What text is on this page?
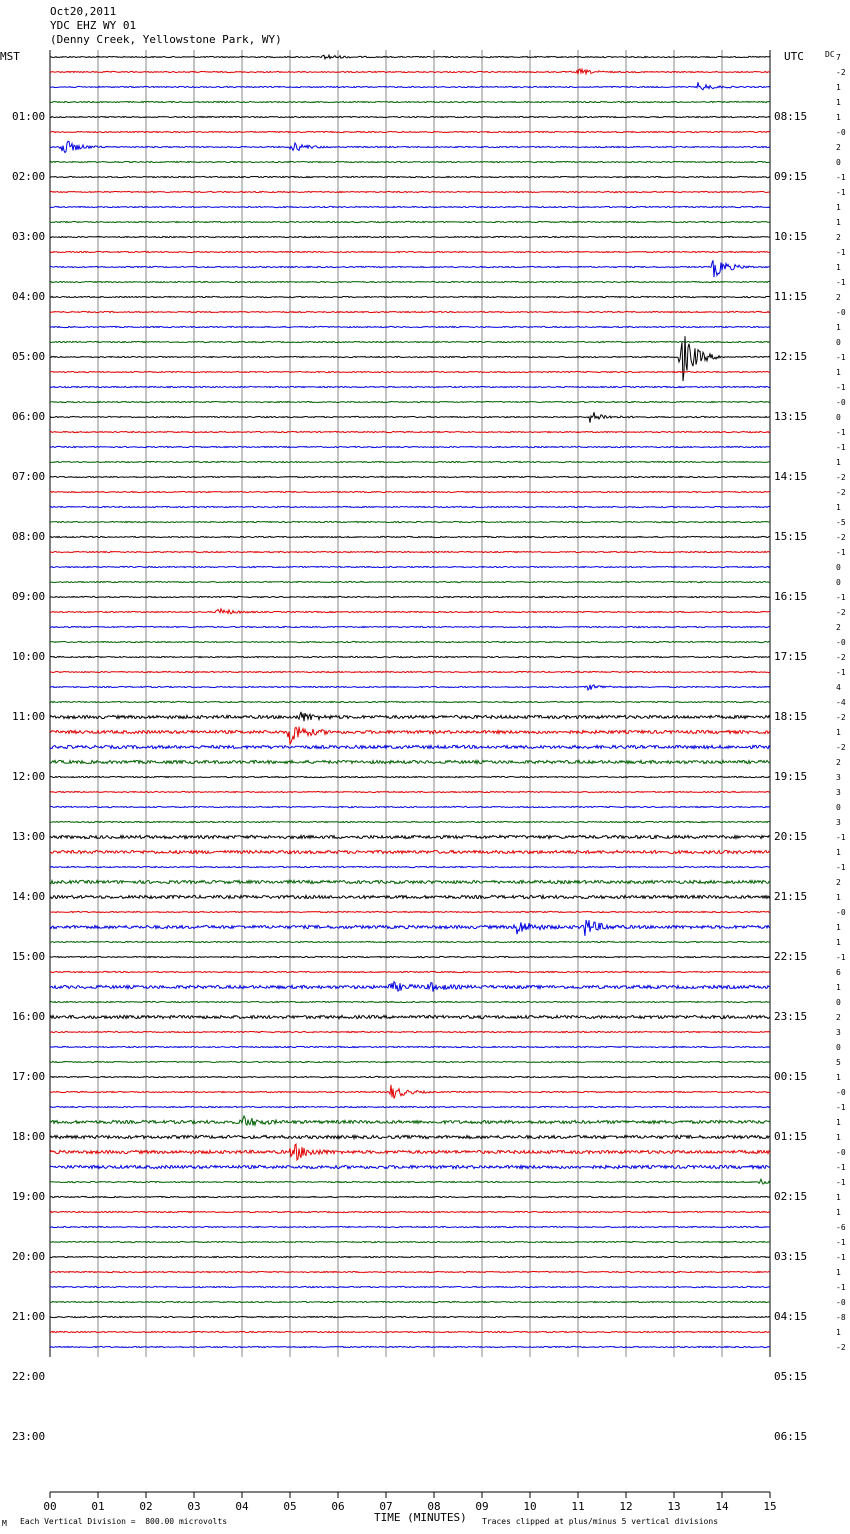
00	01	02	03	04	05	06	07	08	09	10	11	12	13	14	15
Oct20,2011
YDC EHZ WY 01
(Denny Creek, Yellowstone Park, WY)
MST	UTC	DC
01:00
02:00
03:00
04:00
05:00
06:00
07:00
08:00
09:00
10:00
11:00
12:00
13:00
14:00
15:00
16:00
17:00
18:00
19:00
20:00
21:00
22:00
23:00
08:15
09:15
10:15
11:15
12:15
13:15
14:15
15:15
16:15
17:15
18:15
19:15
20:15
21:15
22:15
23:15
00:15
01:15
02:15
03:15
04:15
05:15
06:15
7
-2
1
1
1
-0
2
0
-1
-1
1
1
2
-1
1
-1
2
-0
1
0
-1
1
-1
-0
0
-1
-1
1
-2
-2
1
-5
-2
-1
0
0
-1
-2
2
-0
-2
-1
4
-4
-2
1
-2
2
3
3
0
3
-1
1
-1
2
1
-0
1
1
-1
6
1
0
2
3
0
5
1
-0
-1
1
1
-0
-1
-1
1
1
-6
-1
-1
1
-1
-0
-8
1
-2
M Each Vertical Division =  800.00 microvolts	TIME (MINUTES) Traces clipped at plus/minus 5 vertical divisions
